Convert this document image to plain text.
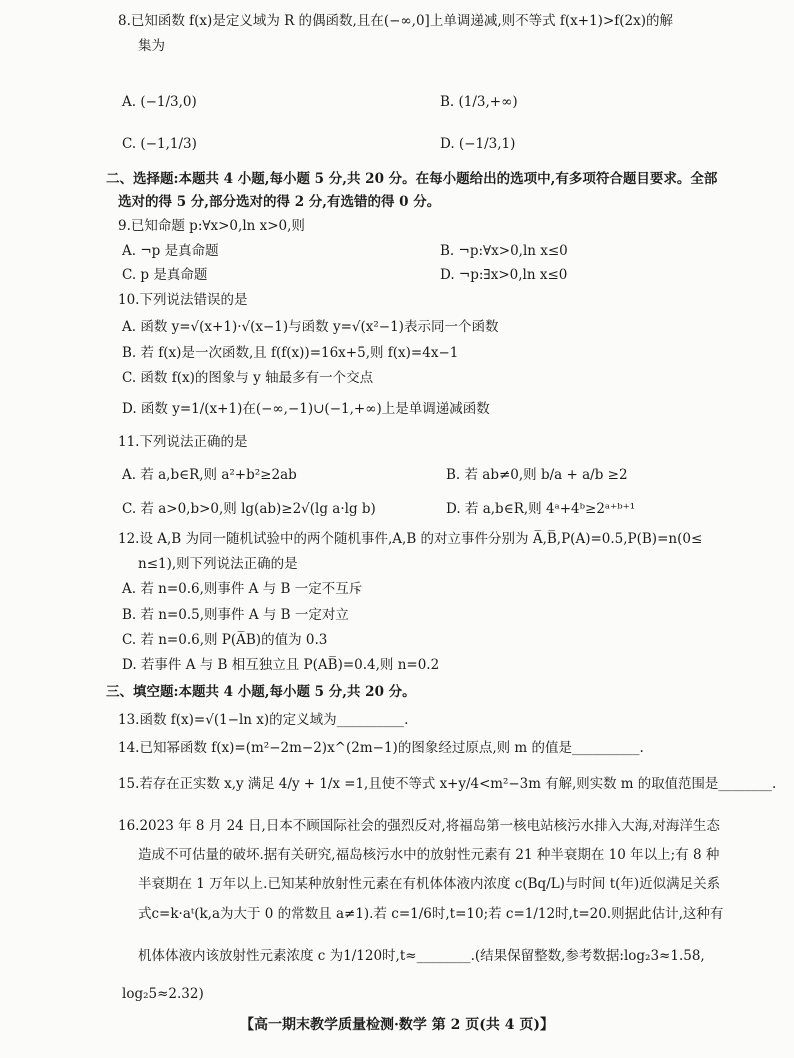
8.已知函数 f(x)是定义域为 R 的偶函数,且在(−∞,0]上单调递减,则不等式 f(x+1)>f(2x)的解
集为
A. (−1/3,0)	B. (1/3,+∞)
C. (−1,1/3)	D. (−1/3,1)
二、选择题:本题共 4 小题,每小题 5 分,共 20 分。在每小题给出的选项中,有多项符合题目要求。全部
选对的得 5 分,部分选对的得 2 分,有选错的得 0 分。
9.已知命题 p:∀x>0,ln x>0,则
A. ¬p 是真命题	B. ¬p:∀x>0,ln x≤0
C. p 是真命题	D. ¬p:∃x>0,ln x≤0
10.下列说法错误的是
A. 函数 y=√(x+1)·√(x−1)与函数 y=√(x²−1)表示同一个函数
B. 若 f(x)是一次函数,且 f(f(x))=16x+5,则 f(x)=4x−1
C. 函数 f(x)的图象与 y 轴最多有一个交点
D. 函数 y=1/(x+1)在(−∞,−1)∪(−1,+∞)上是单调递减函数
11.下列说法正确的是
A. 若 a,b∈R,则 a²+b²≥2ab	B. 若 ab≠0,则 b/a + a/b ≥2
C. 若 a>0,b>0,则 lg(ab)≥2√(lg a·lg b)	D. 若 a,b∈R,则 4ᵃ+4ᵇ≥2ᵃ⁺ᵇ⁺¹
12.设 A,B 为同一随机试验中的两个随机事件,A,B 的对立事件分别为 A̅,B̅,P(A)=0.5,P(B)=n(0≤
n≤1),则下列说法正确的是
A. 若 n=0.6,则事件 A 与 B 一定不互斥
B. 若 n=0.5,则事件 A 与 B 一定对立
C. 若 n=0.6,则 P(A̅B)的值为 0.3
D. 若事件 A 与 B 相互独立且 P(AB̅)=0.4,则 n=0.2
三、填空题:本题共 4 小题,每小题 5 分,共 20 分。
13.函数 f(x)=√(1−ln x)的定义域为__________.
14.已知幂函数 f(x)=(m²−2m−2)x^(2m−1)的图象经过原点,则 m 的值是__________.
15.若存在正实数 x,y 满足 4/y + 1/x =1,且使不等式 x+y/4<m²−3m 有解,则实数 m 的取值范围是________.
16.2023 年 8 月 24 日,日本不顾国际社会的强烈反对,将福岛第一核电站核污水排入大海,对海洋生态
造成不可估量的破坏.据有关研究,福岛核污水中的放射性元素有 21 种半衰期在 10 年以上;有 8 种
半衰期在 1 万年以上.已知某种放射性元素在有机体体液内浓度 c(Bq/L)与时间 t(年)近似满足关系
式c=k·aᵗ(k,a为大于 0 的常数且 a≠1).若 c=1/6时,t=10;若 c=1/12时,t=20.则据此估计,这种有
机体体液内该放射性元素浓度 c 为1/120时,t≈________.(结果保留整数,参考数据:log₂3≈1.58,
log₂5≈2.32)
【高一期末教学质量检测·数学 第 2 页(共 4 页)】
